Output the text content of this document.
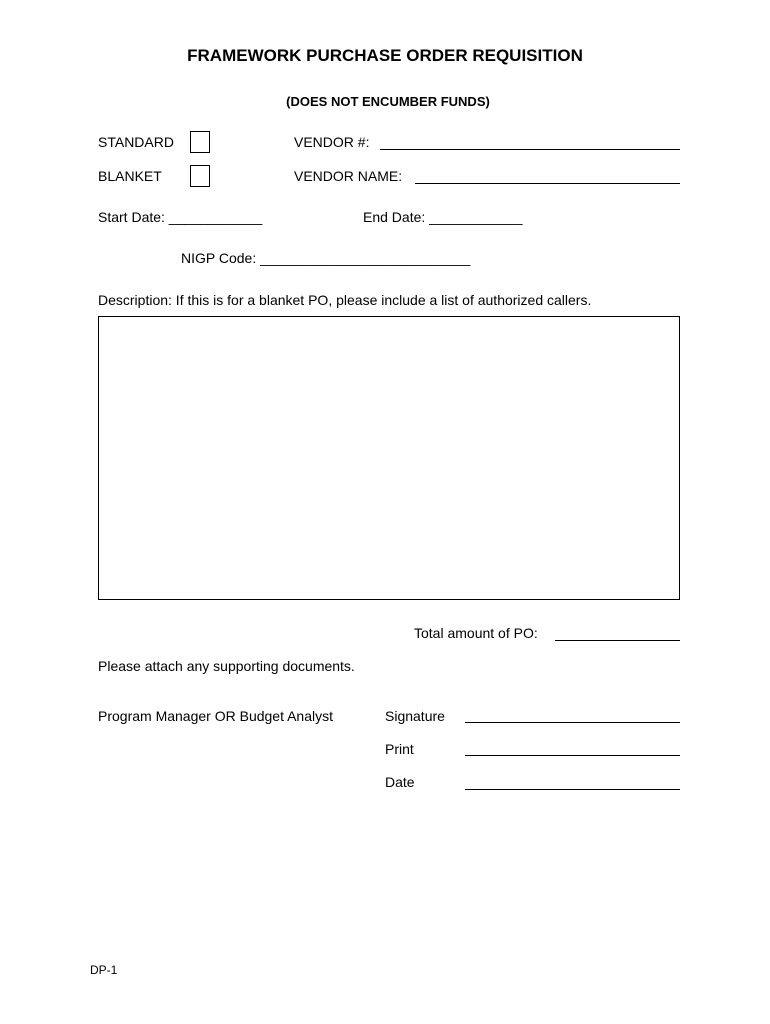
FRAMEWORK PURCHASE ORDER REQUISITION
(DOES NOT ENCUMBER FUNDS)
STANDARD
BLANKET
VENDOR #:
VENDOR NAME:
Start Date: ____________	End Date: ____________
NIGP Code: ___________________________
Description: If this is for a blanket PO, please include a list of authorized callers.
Total amount of PO:
Please attach any supporting documents.
Program Manager OR Budget Analyst	Signature
Print
Date
DP-1
